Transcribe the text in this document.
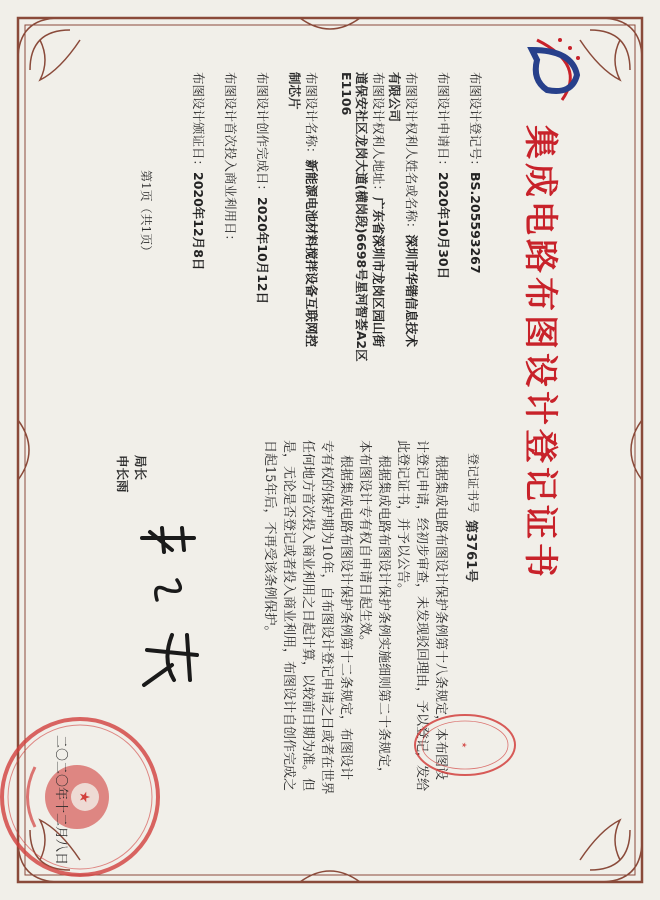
集成电路布图设计登记证书
布图设计登记号：BS.205593267
布图设计申请日：2020年10月30日
布图设计权利人姓名或名称：深圳市华锴信息技术
有限公司
布图设计权利人地址：广东省深圳市龙岗区园山街
道保安社区龙岗大道(横岗段)6698号星河智荟A2区
E1106
布图设计名称：新能源电池材料搅拌设备互联网控
制芯片
布图设计创作完成日：2020年10月12日
布图设计首次投入商业利用日：
布图设计颁证日：2020年12月8日
第1页（共1页）
登记证书号
第3761号
根据集成电路布图设计保护条例第十八条规定，本布图设
计登记申请，经初步审查，未发现驳回理由，予以登记，发给
此登记证书，并予以公告。
根据集成电路布图设计保护条例实施细则第二十条规定，
本布图设计专有权自申请日起生效。
根据集成电路布图设计保护条例第十二条规定，布图设计
专有权的保护期为10年，自布图设计登记申请之日或者在世界
任何地方首次投入商业利用之日起计算，以较前日期为准。但
是，无论是否登记或者投入商业利用，布图设计自创作完成之
日起15年后，不再受该条例保护。
局长
申长雨
★
★
二〇二〇年十二月八日
